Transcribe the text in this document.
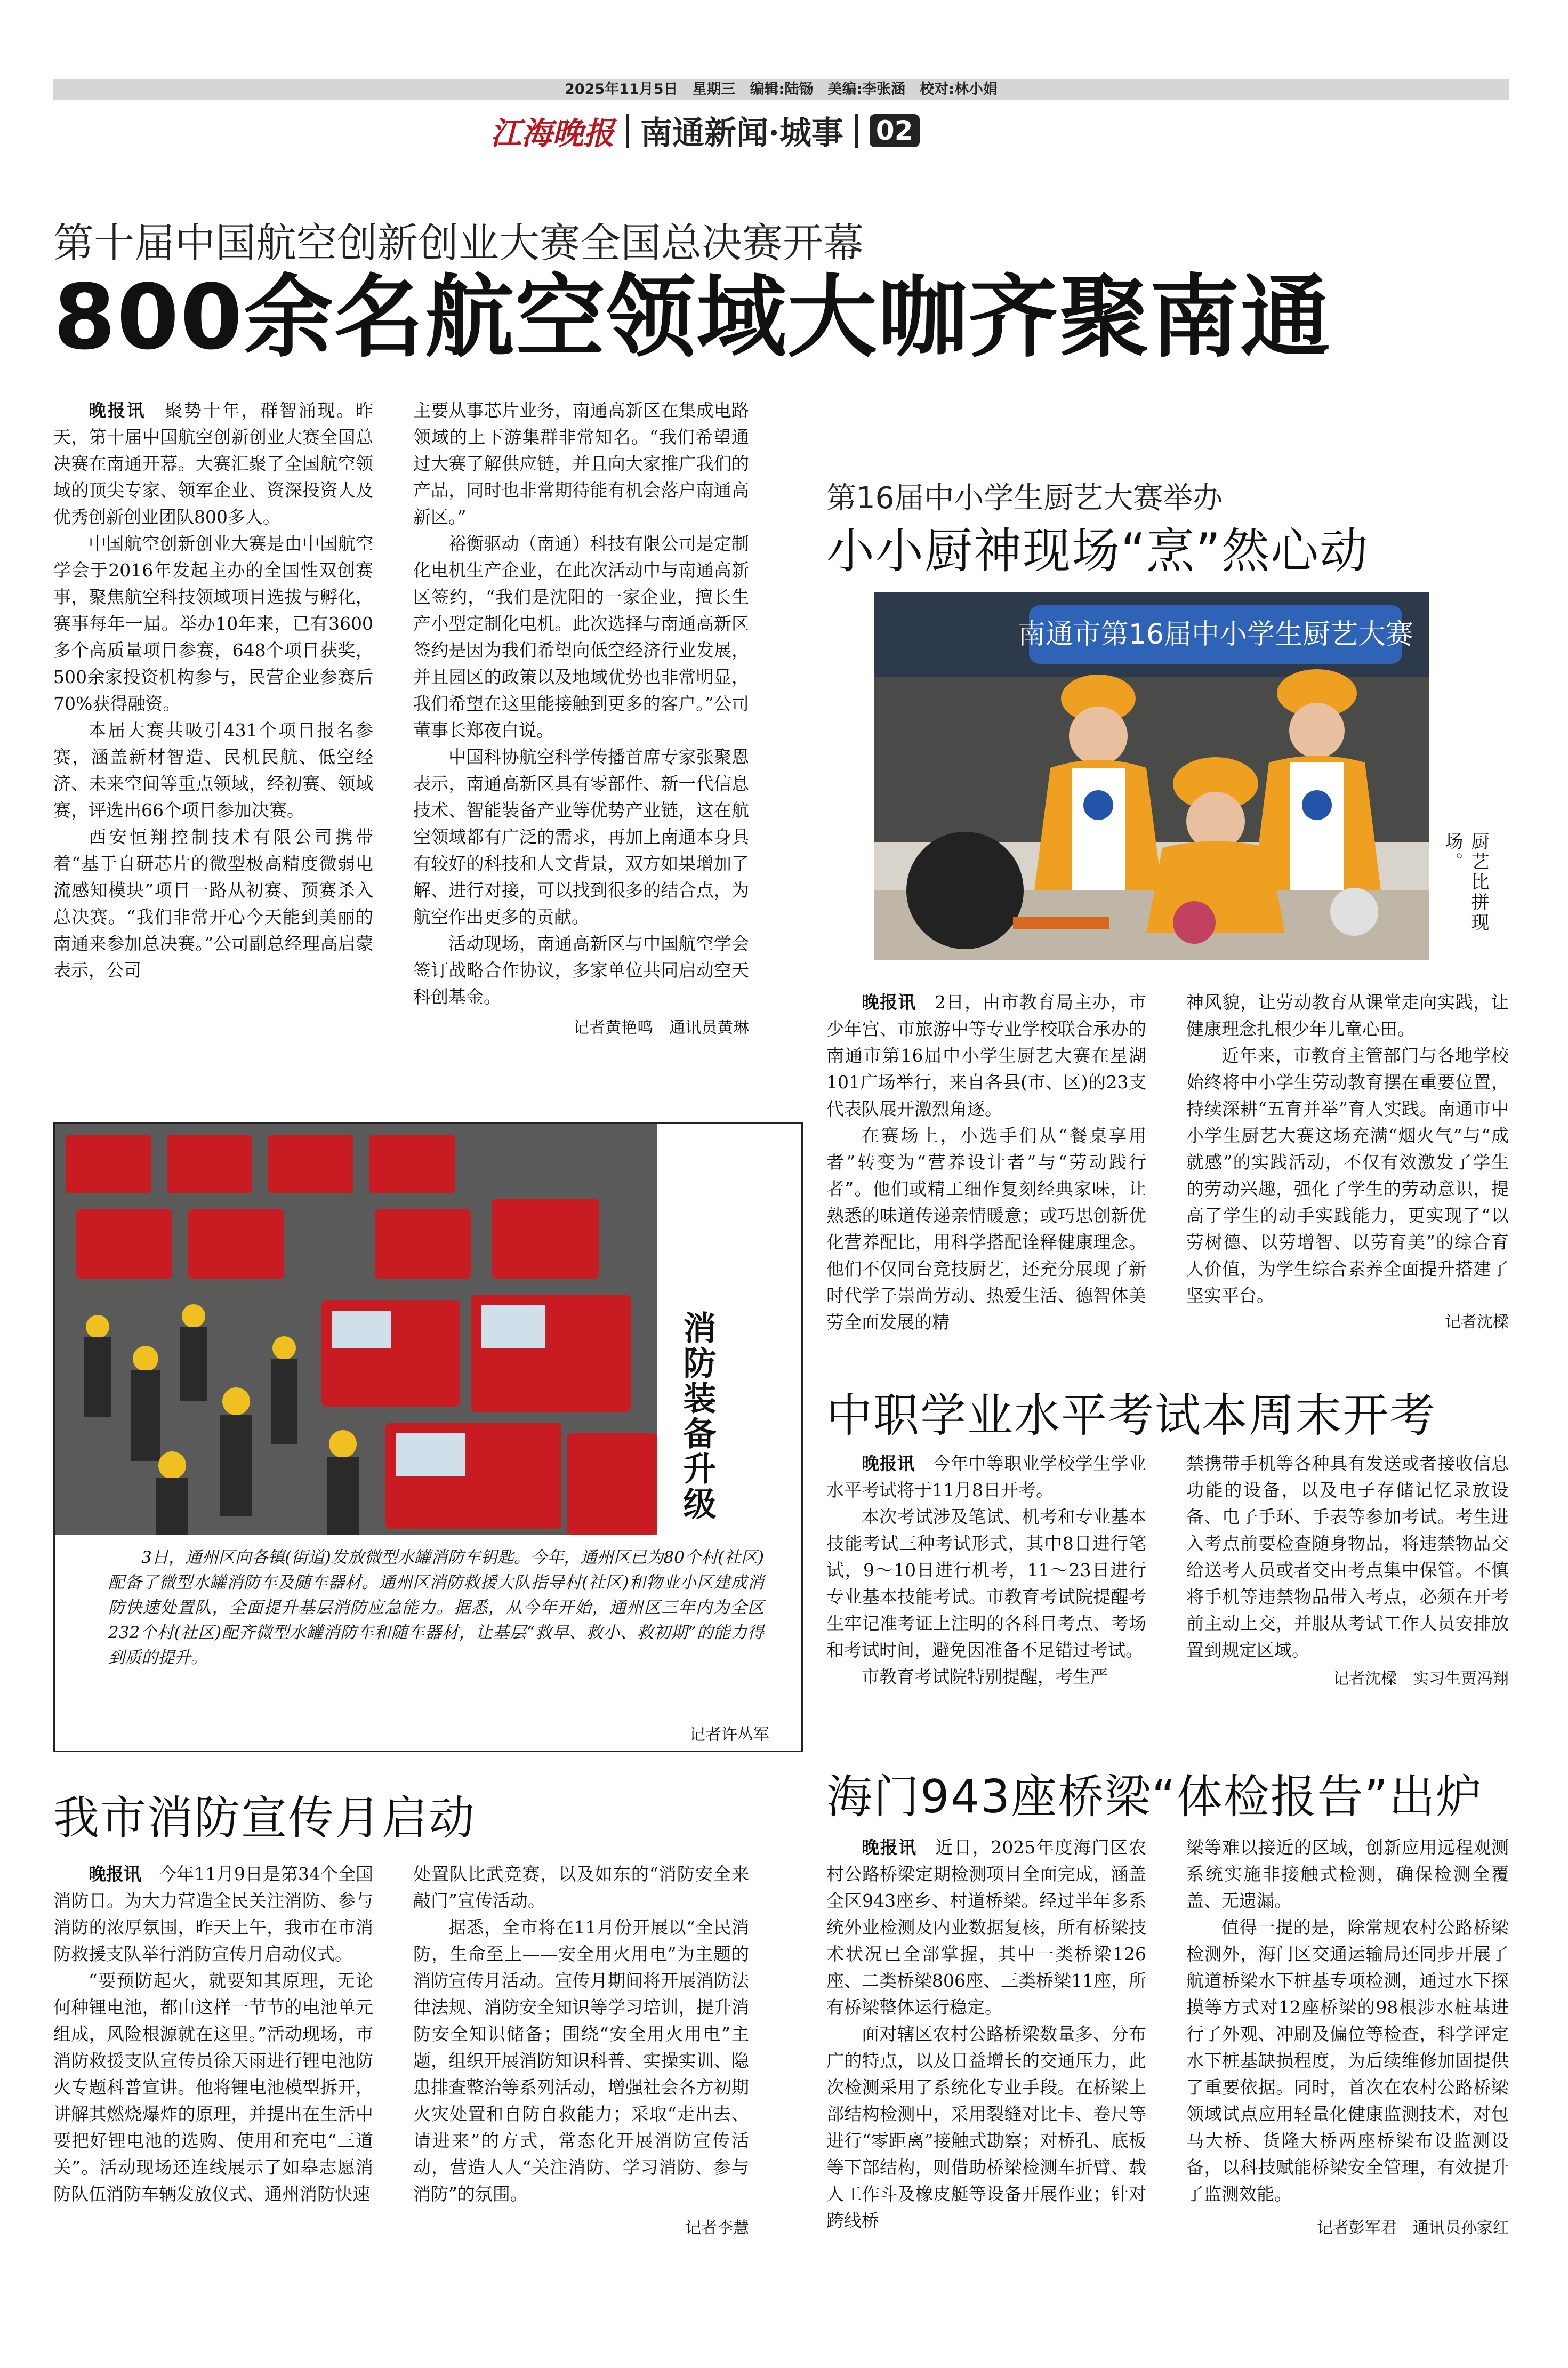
2025年11月5日　星期三　编辑:陆铴　美编:李张涵　校对:林小娟
江海晚报 南通新闻·城事 02
第十届中国航空创新创业大赛全国总决赛开幕
800余名航空领域大咖齐聚南通

晚报讯　 聚势十年，群智涌现。昨天，第十届中国航空创新创业大赛全国总决赛在南通开幕。大赛汇聚了全国航空领域的顶尖专家、领军企业、资深投资人及优秀创新创业团队800多人。

中国航空创新创业大赛是由中国航空学会于2016年发起主办的全国性双创赛事，聚焦航空科技领域项目选拔与孵化，赛事每年一届。举办10年来，已有3600多个高质量项目参赛，648个项目获奖，500余家投资机构参与，民营企业参赛后70%获得融资。

本届大赛共吸引431个项目报名参赛，涵盖新材智造、民机民航、低空经济、未来空间等重点领域，经初赛、领域赛，评选出66个项目参加决赛。

西安恒翔控制技术有限公司携带着“基于自研芯片的微型极高精度微弱电流感知模块”项目一路从初赛、预赛杀入总决赛。“我们非常开心今天能到美丽的南通来参加总决赛。”公司副总经理高启蒙表示，公司

主要从事芯片业务，南通高新区在集成电路领域的上下游集群非常知名。“我们希望通过大赛了解供应链，并且向大家推广我们的产品，同时也非常期待能有机会落户南通高新区。”

裕衡驱动（南通）科技有限公司是定制化电机生产企业，在此次活动中与南通高新区签约，“我们是沈阳的一家企业，擅长生产小型定制化电机。此次选择与南通高新区签约是因为我们希望向低空经济行业发展，并且园区的政策以及地域优势也非常明显，我们希望在这里能接触到更多的客户。”公司董事长郑夜白说。

中国科协航空科学传播首席专家张聚恩表示，南通高新区具有零部件、新一代信息技术、智能装备产业等优势产业链，这在航空领域都有广泛的需求，再加上南通本身具有较好的科技和人文背景，双方如果增加了解、进行对接，可以找到很多的结合点，为航空作出更多的贡献。

活动现场，南通高新区与中国航空学会签订战略合作协议，多家单位共同启动空天科创基金。

记者黄艳鸣　通讯员黄琳
第16届中小学生厨艺大赛举办
小小厨神现场“烹”然心动
南通市第16届中小学生厨艺大赛
厨艺比拼现场。

晚报讯　 2日，由市教育局主办，市少年宫、市旅游中等专业学校联合承办的南通市第16届中小学生厨艺大赛在星湖101广场举行，来自各县(市、区)的23支代表队展开激烈角逐。

在赛场上，小选手们从“餐桌享用者”转变为“营养设计者”与“劳动践行者”。他们或精工细作复刻经典家味，让熟悉的味道传递亲情暖意；或巧思创新优化营养配比，用科学搭配诠释健康理念。他们不仅同台竞技厨艺，还充分展现了新时代学子崇尚劳动、热爱生活、德智体美劳全面发展的精

神风貌，让劳动教育从课堂走向实践，让健康理念扎根少年儿童心田。

近年来，市教育主管部门与各地学校始终将中小学生劳动教育摆在重要位置，持续深耕“五育并举”育人实践。南通市中小学生厨艺大赛这场充满“烟火气”与“成就感”的实践活动，不仅有效激发了学生的劳动兴趣，强化了学生的劳动意识，提高了学生的动手实践能力，更实现了“以劳树德、以劳增智、以劳育美”的综合育人价值，为学生综合素养全面提升搭建了坚实平台。

记者沈樑
消防装备升级
3日，通州区向各镇(街道)发放微型水罐消防车钥匙。今年，通州区已为80个村(社区)配备了微型水罐消防车及随车器材。通州区消防救援大队指导村(社区)和物业小区建成消防快速处置队，全面提升基层消防应急能力。据悉，从今年开始，通州区三年内为全区232个村(社区)配齐微型水罐消防车和随车器材，让基层“救早、救小、救初期”的能力得到质的提升。
记者许丛军
中职学业水平考试本周末开考

晚报讯　 今年中等职业学校学生学业水平考试将于11月8日开考。

本次考试涉及笔试、机考和专业基本技能考试三种考试形式，其中8日进行笔试，9～10日进行机考，11～23日进行专业基本技能考试。市教育考试院提醒考生牢记准考证上注明的各科目考点、考场和考试时间，避免因准备不足错过考试。

市教育考试院特别提醒，考生严

禁携带手机等各种具有发送或者接收信息功能的设备，以及电子存储记忆录放设备、电子手环、手表等参加考试。考生进入考点前要检查随身物品，将违禁物品交给送考人员或者交由考点集中保管。不慎将手机等违禁物品带入考点，必须在开考前主动上交，并服从考试工作人员安排放置到规定区域。

记者沈樑　实习生贾冯翔
我市消防宣传月启动

晚报讯　 今年11月9日是第34个全国消防日。为大力营造全民关注消防、参与消防的浓厚氛围，昨天上午，我市在市消防救援支队举行消防宣传月启动仪式。

“要预防起火，就要知其原理，无论何种锂电池，都由这样一节节的电池单元组成，风险根源就在这里。”活动现场，市消防救援支队宣传员徐天雨进行锂电池防火专题科普宣讲。他将锂电池模型拆开，讲解其燃烧爆炸的原理，并提出在生活中要把好锂电池的选购、使用和充电“三道关”。活动现场还连线展示了如皋志愿消防队伍消防车辆发放仪式、通州消防快速

处置队比武竞赛，以及如东的“消防安全来敲门”宣传活动。

据悉，全市将在11月份开展以“全民消防，生命至上——安全用火用电”为主题的消防宣传月活动。宣传月期间将开展消防法律法规、消防安全知识等学习培训，提升消防安全知识储备；围绕“安全用火用电”主题，组织开展消防知识科普、实操实训、隐患排查整治等系列活动，增强社会各方初期火灾处置和自防自救能力；采取“走出去、请进来”的方式，常态化开展消防宣传活动，营造人人“关注消防、学习消防、参与消防”的氛围。

记者李慧
海门943座桥梁“体检报告”出炉

晚报讯　 近日，2025年度海门区农村公路桥梁定期检测项目全面完成，涵盖全区943座乡、村道桥梁。经过半年多系统外业检测及内业数据复核，所有桥梁技术状况已全部掌握，其中一类桥梁126座、二类桥梁806座、三类桥梁11座，所有桥梁整体运行稳定。

面对辖区农村公路桥梁数量多、分布广的特点，以及日益增长的交通压力，此次检测采用了系统化专业手段。在桥梁上部结构检测中，采用裂缝对比卡、卷尺等进行“零距离”接触式勘察；对桥孔、底板等下部结构，则借助桥梁检测车折臂、载人工作斗及橡皮艇等设备开展作业；针对跨线桥

梁等难以接近的区域，创新应用远程观测系统实施非接触式检测，确保检测全覆盖、无遗漏。

值得一提的是，除常规农村公路桥梁检测外，海门区交通运输局还同步开展了航道桥梁水下桩基专项检测，通过水下探摸等方式对12座桥梁的98根涉水桩基进行了外观、冲刷及偏位等检查，科学评定水下桩基缺损程度，为后续维修加固提供了重要依据。同时，首次在农村公路桥梁领域试点应用轻量化健康监测技术，对包马大桥、货隆大桥两座桥梁布设监测设备，以科技赋能桥梁安全管理，有效提升了监测效能。

记者彭军君　通讯员孙家红
